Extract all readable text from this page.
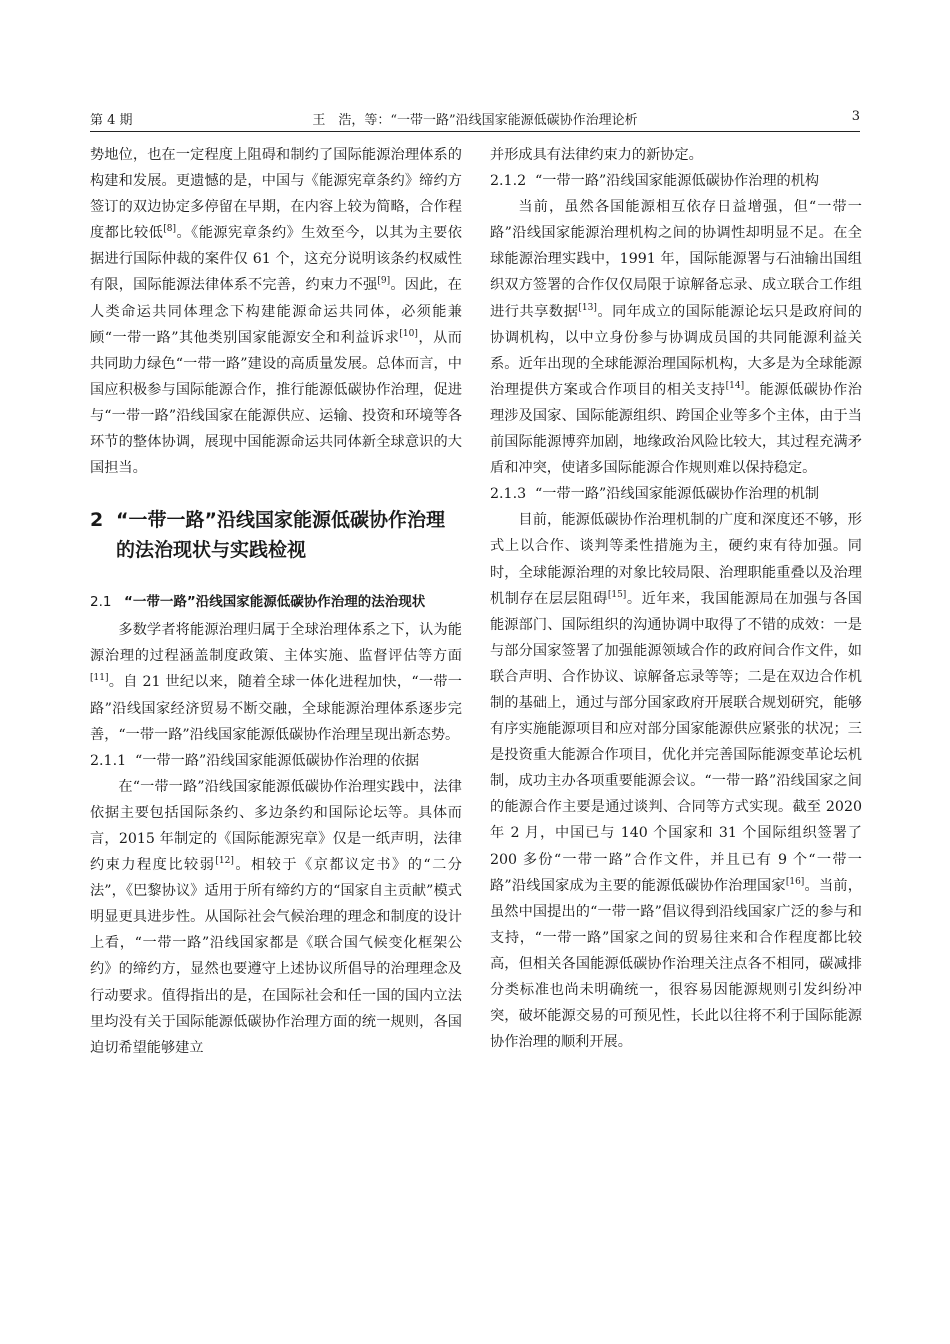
第 4 期	王　浩，等：“一带一路”沿线国家能源低碳协作治理论析	3

势地位，也在一定程度上阻碍和制约了国际能源治理体系的构建和发展。更遗憾的是，中国与《能源宪章条约》缔约方签订的双边协定多停留在早期，在内容上较为简略，合作程度都比较低[8]。《能源宪章条约》生效至今，以其为主要依据进行国际仲裁的案件仅 61 个，这充分说明该条约权威性有限，国际能源法律体系不完善，约束力不强[9]。因此，在人类命运共同体理念下构建能源命运共同体，必须能兼顾“一带一路”其他类别国家能源安全和利益诉求[10]，从而共同助力绿色“一带一路”建设的高质量发展。总体而言，中国应积极参与国际能源合作，推行能源低碳协作治理，促进与“一带一路”沿线国家在能源供应、运输、投资和环境等各环节的整体协调，展现中国能源命运共同体新全球意识的大国担当。

2 “一带一路”沿线国家能源低碳协作治理的法治现状与实践检视
2.1 “一带一路”沿线国家能源低碳协作治理的法治现状

多数学者将能源治理归属于全球治理体系之下，认为能源治理的过程涵盖制度政策、主体实施、监督评估等方面[11]。自 21 世纪以来，随着全球一体化进程加快，“一带一路”沿线国家经济贸易不断交融，全球能源治理体系逐步完善，“一带一路”沿线国家能源低碳协作治理呈现出新态势。

2.1.1 “一带一路”沿线国家能源低碳协作治理的依据

在“一带一路”沿线国家能源低碳协作治理实践中，法律依据主要包括国际条约、多边条约和国际论坛等。具体而言，2015 年制定的《国际能源宪章》仅是一纸声明，法律约束力程度比较弱[12]。相较于《京都议定书》的“二分法”，《巴黎协议》适用于所有缔约方的“国家自主贡献”模式明显更具进步性。从国际社会气候治理的理念和制度的设计上看，“一带一路”沿线国家都是《联合国气候变化框架公约》的缔约方，显然也要遵守上述协议所倡导的治理理念及行动要求。值得指出的是，在国际社会和任一国的国内立法里均没有关于国际能源低碳协作治理方面的统一规则，各国迫切希望能够建立

并形成具有法律约束力的新协定。

2.1.2 “一带一路”沿线国家能源低碳协作治理的机构

当前，虽然各国能源相互依存日益增强，但“一带一路”沿线国家能源治理机构之间的协调性却明显不足。在全球能源治理实践中，1991 年，国际能源署与石油输出国组织双方签署的合作仅仅局限于谅解备忘录、成立联合工作组进行共享数据[13]。同年成立的国际能源论坛只是政府间的协调机构，以中立身份参与协调成员国的共同能源利益关系。近年出现的全球能源治理国际机构，大多是为全球能源治理提供方案或合作项目的相关支持[14]。能源低碳协作治理涉及国家、国际能源组织、跨国企业等多个主体，由于当前国际能源博弈加剧，地缘政治风险比较大，其过程充满矛盾和冲突，使诸多国际能源合作规则难以保持稳定。

2.1.3 “一带一路”沿线国家能源低碳协作治理的机制

目前，能源低碳协作治理机制的广度和深度还不够，形式上以合作、谈判等柔性措施为主，硬约束有待加强。同时，全球能源治理的对象比较局限、治理职能重叠以及治理机制存在层层阻碍[15]。近年来，我国能源局在加强与各国能源部门、国际组织的沟通协调中取得了不错的成效：一是与部分国家签署了加强能源领域合作的政府间合作文件，如联合声明、合作协议、谅解备忘录等等；二是在双边合作机制的基础上，通过与部分国家政府开展联合规划研究，能够有序实施能源项目和应对部分国家能源供应紧张的状况；三是投资重大能源合作项目，优化并完善国际能源变革论坛机制，成功主办各项重要能源会议。“一带一路”沿线国家之间的能源合作主要是通过谈判、合同等方式实现。截至 2020 年 2 月，中国已与 140 个国家和 31 个国际组织签署了 200 多份“一带一路”合作文件，并且已有 9 个“一带一路”沿线国家成为主要的能源低碳协作治理国家[16]。当前，虽然中国提出的“一带一路”倡议得到沿线国家广泛的参与和支持，“一带一路”国家之间的贸易往来和合作程度都比较高，但相关各国能源低碳协作治理关注点各不相同，碳减排分类标准也尚未明确统一，很容易因能源规则引发纠纷冲突，破坏能源交易的可预见性，长此以往将不利于国际能源协作治理的顺利开展。
